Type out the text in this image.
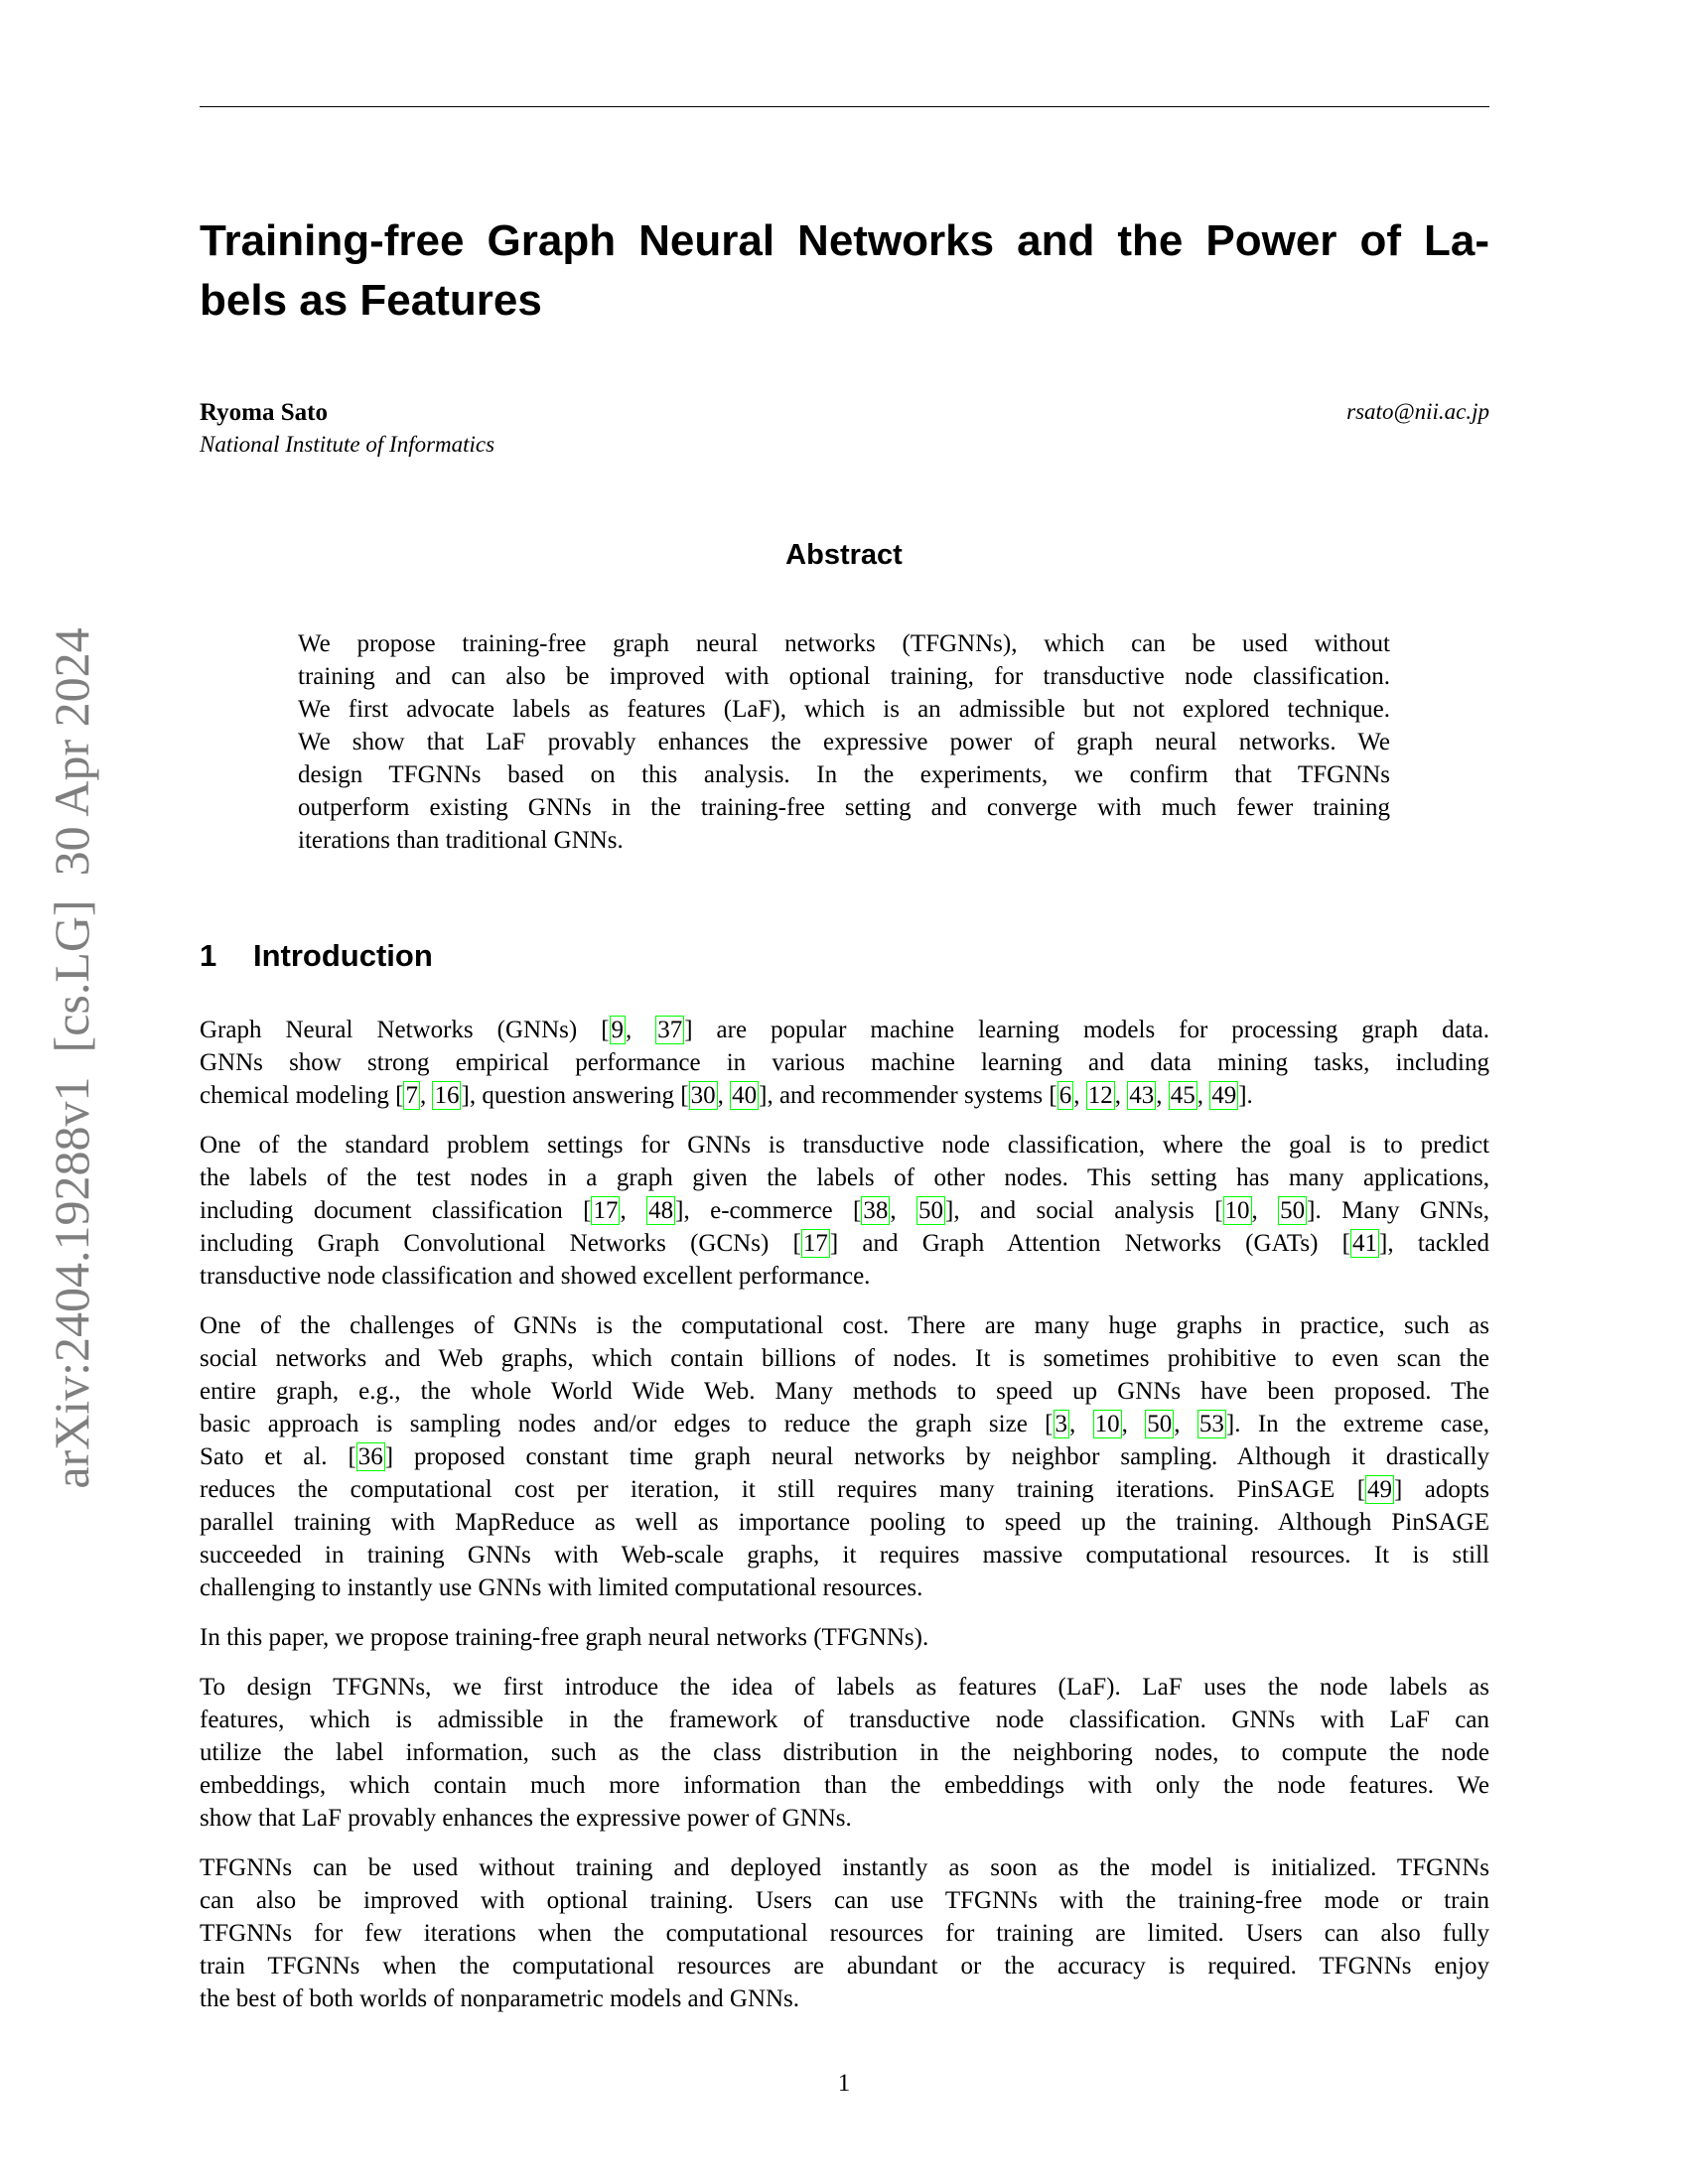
arXiv:2404.19288v1[cs.LG]30 Apr 2024
Training-free Graph Neural Networks and the Power of La-
bels as Features
Ryoma Sato	rsato@nii.ac.jp
National Institute of Informatics
Abstract
We propose training-free graph neural networks (TFGNNs), which can be used without
training and can also be improved with optional training, for transductive node classification.
We first advocate labels as features (LaF), which is an admissible but not explored technique.
We show that LaF provably enhances the expressive power of graph neural networks. We
design TFGNNs based on this analysis. In the experiments, we confirm that TFGNNs
outperform existing GNNs in the training-free setting and converge with much fewer training
iterations than traditional GNNs.
1 Introduction
Graph Neural Networks (GNNs) [9, 37] are popular machine learning models for processing graph data.
GNNs show strong empirical performance in various machine learning and data mining tasks, including
chemical modeling [7, 16], question answering [30, 40], and recommender systems [6, 12, 43, 45, 49].
One of the standard problem settings for GNNs is transductive node classification, where the goal is to predict
the labels of the test nodes in a graph given the labels of other nodes. This setting has many applications,
including document classification [17, 48], e-commerce [38, 50], and social analysis [10, 50]. Many GNNs,
including Graph Convolutional Networks (GCNs) [17] and Graph Attention Networks (GATs) [41], tackled
transductive node classification and showed excellent performance.
One of the challenges of GNNs is the computational cost. There are many huge graphs in practice, such as
social networks and Web graphs, which contain billions of nodes. It is sometimes prohibitive to even scan the
entire graph, e.g., the whole World Wide Web. Many methods to speed up GNNs have been proposed. The
basic approach is sampling nodes and/or edges to reduce the graph size [3, 10, 50, 53]. In the extreme case,
Sato et al. [36] proposed constant time graph neural networks by neighbor sampling. Although it drastically
reduces the computational cost per iteration, it still requires many training iterations. PinSAGE [49] adopts
parallel training with MapReduce as well as importance pooling to speed up the training. Although PinSAGE
succeeded in training GNNs with Web-scale graphs, it requires massive computational resources. It is still
challenging to instantly use GNNs with limited computational resources.
In this paper, we propose training-free graph neural networks (TFGNNs).
To design TFGNNs, we first introduce the idea of labels as features (LaF). LaF uses the node labels as
features, which is admissible in the framework of transductive node classification. GNNs with LaF can
utilize the label information, such as the class distribution in the neighboring nodes, to compute the node
embeddings, which contain much more information than the embeddings with only the node features. We
show that LaF provably enhances the expressive power of GNNs.
TFGNNs can be used without training and deployed instantly as soon as the model is initialized. TFGNNs
can also be improved with optional training. Users can use TFGNNs with the training-free mode or train
TFGNNs for few iterations when the computational resources for training are limited. Users can also fully
train TFGNNs when the computational resources are abundant or the accuracy is required. TFGNNs enjoy
the best of both worlds of nonparametric models and GNNs.
1
